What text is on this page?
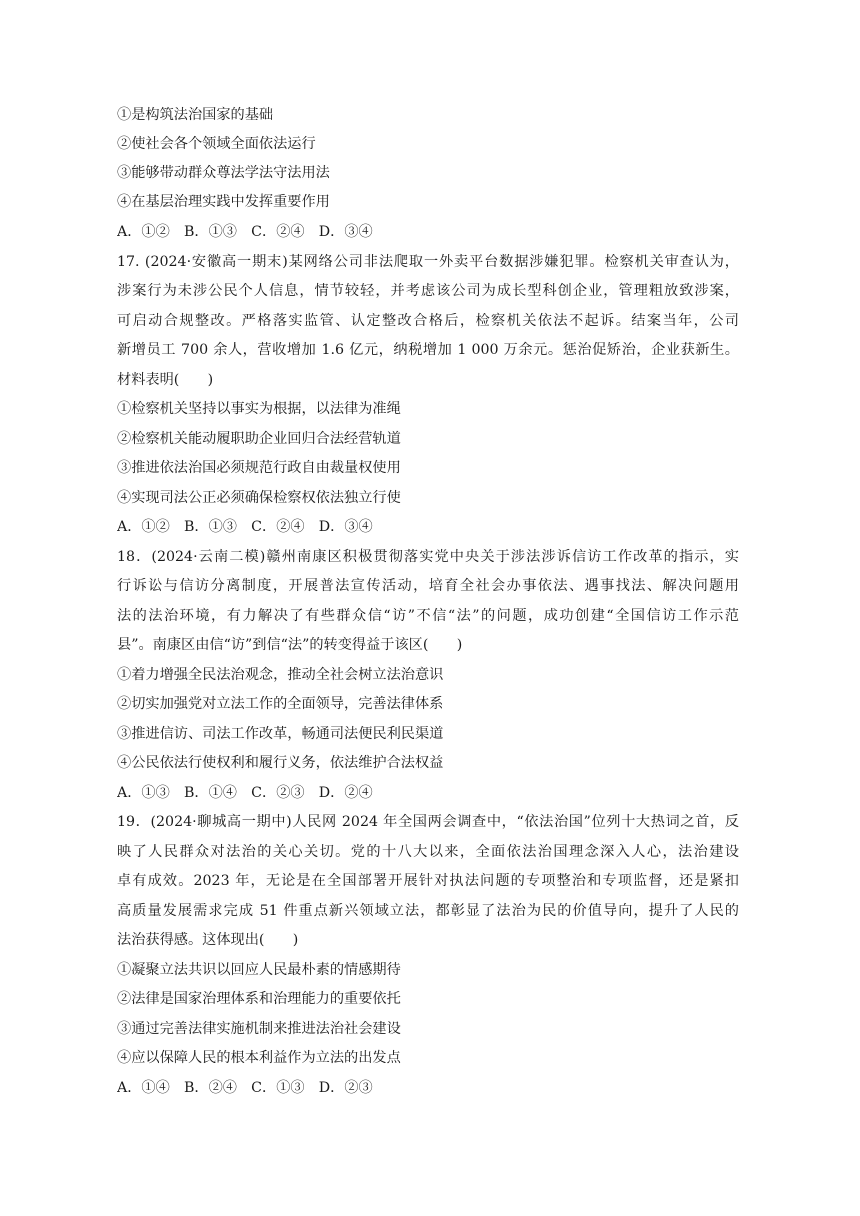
①是构筑法治国家的基础
②使社会各个领域全面依法运行
③能够带动群众尊法学法守法用法
④在基层治理实践中发挥重要作用
A．①②　B．①③　C．②④　D．③④
17. (2024·安徽高一期末)某网络公司非法爬取一外卖平台数据涉嫌犯罪。检察机关审查认为，
涉案行为未涉公民个人信息，情节较轻，并考虑该公司为成长型科创企业，管理粗放致涉案，
可启动合规整改。严格落实监管、认定整改合格后，检察机关依法不起诉。结案当年，公司
新增员工 700 余人，营收增加 1.6 亿元，纳税增加 1 000 万余元。惩治促矫治，企业获新生。
材料表明(　　)
①检察机关坚持以事实为根据，以法律为准绳
②检察机关能动履职助企业回归合法经营轨道
③推进依法治国必须规范行政自由裁量权使用
④实现司法公正必须确保检察权依法独立行使
A．①②　B．①③　C．②④　D．③④
18．(2024·云南二模)赣州南康区积极贯彻落实党中央关于涉法涉诉信访工作改革的指示，实
行诉讼与信访分离制度，开展普法宣传活动，培育全社会办事依法、遇事找法、解决问题用
法的法治环境，有力解决了有些群众信“访”不信“法”的问题，成功创建“全国信访工作示范
县”。南康区由信“访”到信“法”的转变得益于该区(　　)
①着力增强全民法治观念，推动全社会树立法治意识
②切实加强党对立法工作的全面领导，完善法律体系
③推进信访、司法工作改革，畅通司法便民利民渠道
④公民依法行使权利和履行义务，依法维护合法权益
A．①③　B．①④　C．②③　D．②④
19．(2024·聊城高一期中)人民网 2024 年全国两会调查中，“依法治国”位列十大热词之首，反
映了人民群众对法治的关心关切。党的十八大以来，全面依法治国理念深入人心，法治建设
卓有成效。2023 年，无论是在全国部署开展针对执法问题的专项整治和专项监督，还是紧扣
高质量发展需求完成 51 件重点新兴领域立法，都彰显了法治为民的价值导向，提升了人民的
法治获得感。这体现出(　　)
①凝聚立法共识以回应人民最朴素的情感期待
②法律是国家治理体系和治理能力的重要依托
③通过完善法律实施机制来推进法治社会建设
④应以保障人民的根本利益作为立法的出发点
A．①④　B．②④　C．①③　D．②③
